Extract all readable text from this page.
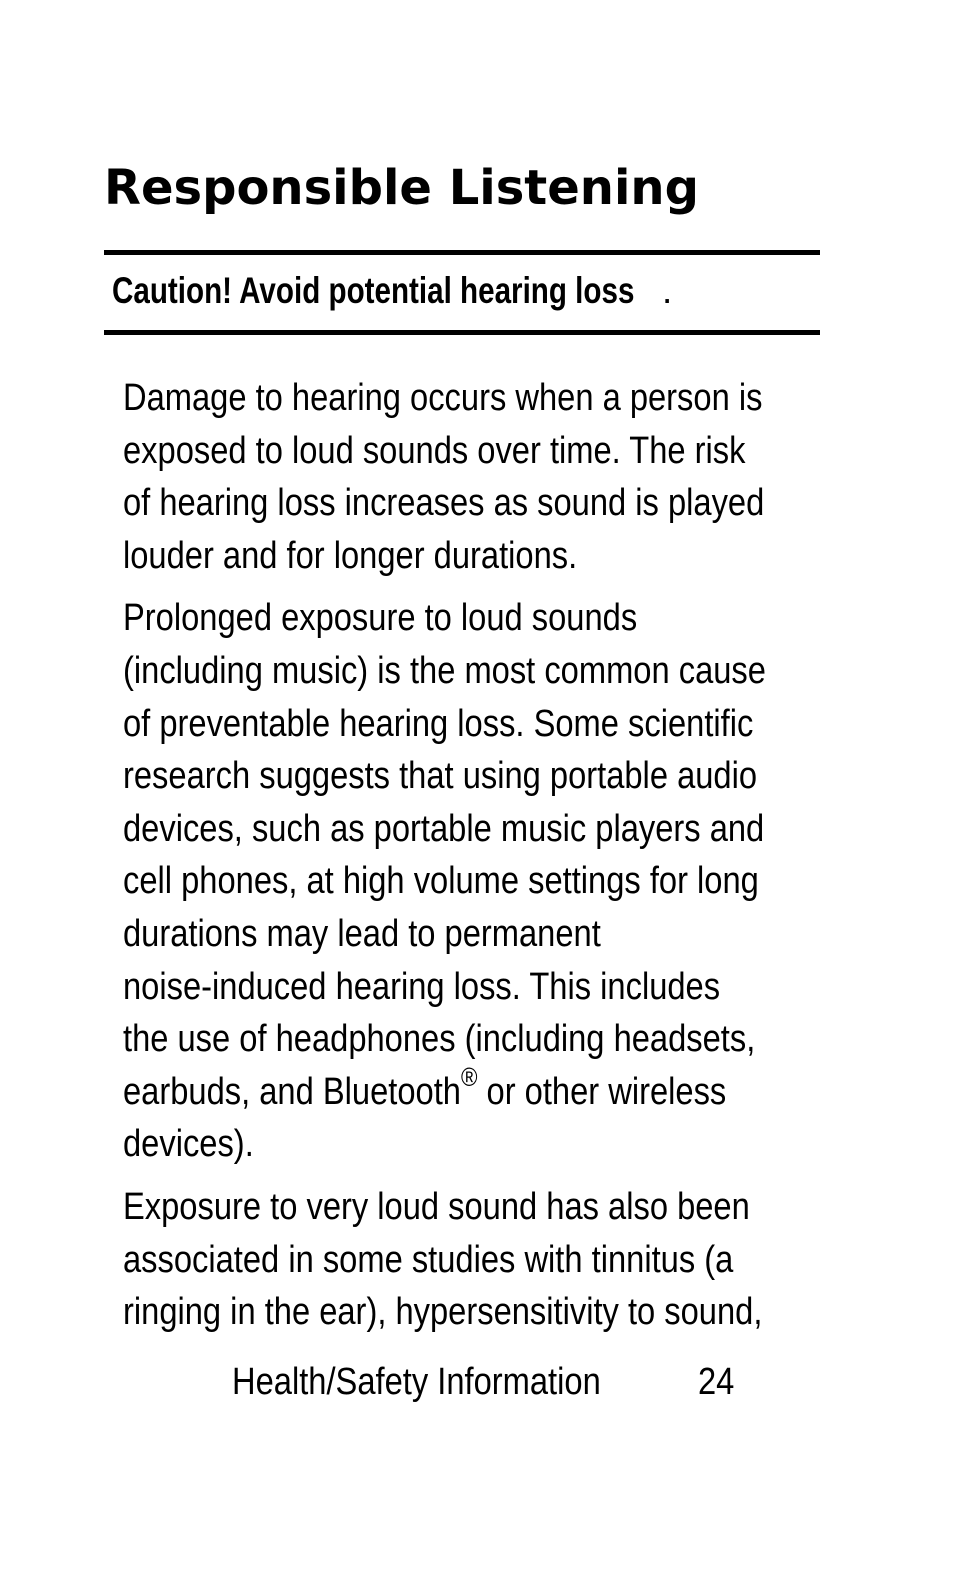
Responsible Listening
Caution! Avoid potential hearing loss .

Damage to hearing occurs when a person is
exposed to loud sounds over time. The risk
of hearing loss increases as sound is played
louder and for longer durations.

Prolonged exposure to loud sounds
(including music) is the most common cause
of preventable hearing loss. Some scientific
research suggests that using portable audio
devices, such as portable music players and
cell phones, at high volume settings for long
durations may lead to permanent
noise-induced hearing loss. This includes
the use of headphones (including headsets,
earbuds, and Bluetooth® or other wireless
devices).

Exposure to very loud sound has also been
associated in some studies with tinnitus (a
ringing in the ear), hypersensitivity to sound,

Health/Safety Information	24
